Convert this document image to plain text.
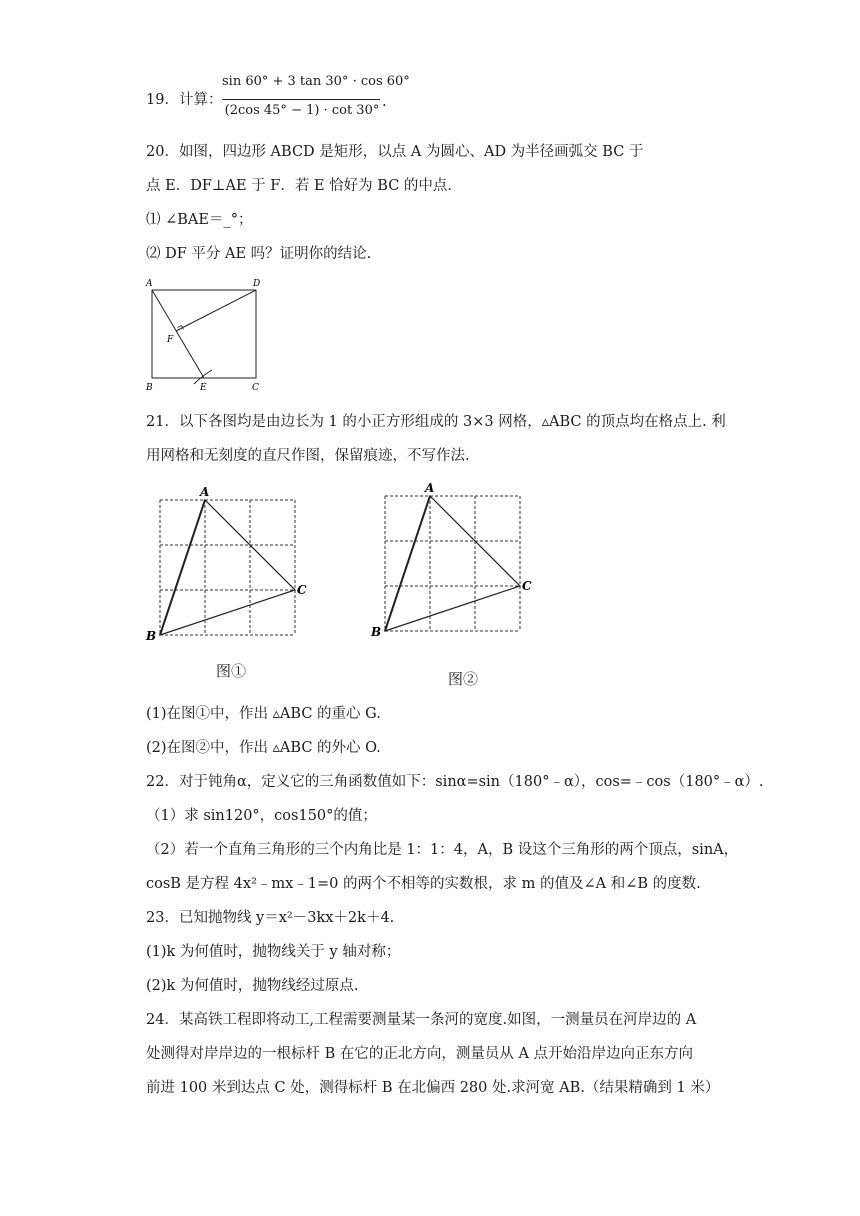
19．计算：
sin 60° + 3 tan 30° · cos 60°
(2cos 45° − 1) · cot 30°
.
20．如图，四边形 ABCD 是矩形，以点 A 为圆心、AD 为半径画弧交 BC 于
点 E．DF⊥AE 于 F．若 E 恰好为 BC 的中点.
⑴ ∠BAE＝_°；
⑵ DF 平分 AE 吗？证明你的结论.
A	D
F
B	E	C
21．以下各图均是由边长为 1 的小正方形组成的 3×3 网格，▵ABC 的顶点均在格点上. 利
用网格和无刻度的直尺作图，保留痕迹，不写作法.
A
C
B
图①
A
C
B
图②
(1)在图①中，作出 ▵ABC 的重心 G.
(2)在图②中，作出 ▵ABC 的外心 O.
22．对于钝角α，定义它的三角函数值如下：sinα=sin（180°﹣α），cos=﹣cos（180°﹣α）.
（1）求 sin120°，cos150°的值；
（2）若一个直角三角形的三个内角比是 1：1：4，A，B 设这个三角形的两个顶点，sinA，
cosB 是方程 4x²﹣mx﹣1=0 的两个不相等的实数根，求 m 的值及∠A 和∠B 的度数.
23．已知抛物线 y＝x²－3kx＋2k＋4.
(1)k 为何值时，抛物线关于 y 轴对称；
(2)k 为何值时，抛物线经过原点.
24．某高铁工程即将动工,工程需要测量某一条河的宽度.如图，一测量员在河岸边的 A
处测得对岸岸边的一根标杆 B 在它的正北方向，测量员从 A 点开始沿岸边向正东方向
前进 100 米到达点 C 处，测得标杆 B 在北偏西 280 处.求河宽 AB.（结果精确到 1 米）
